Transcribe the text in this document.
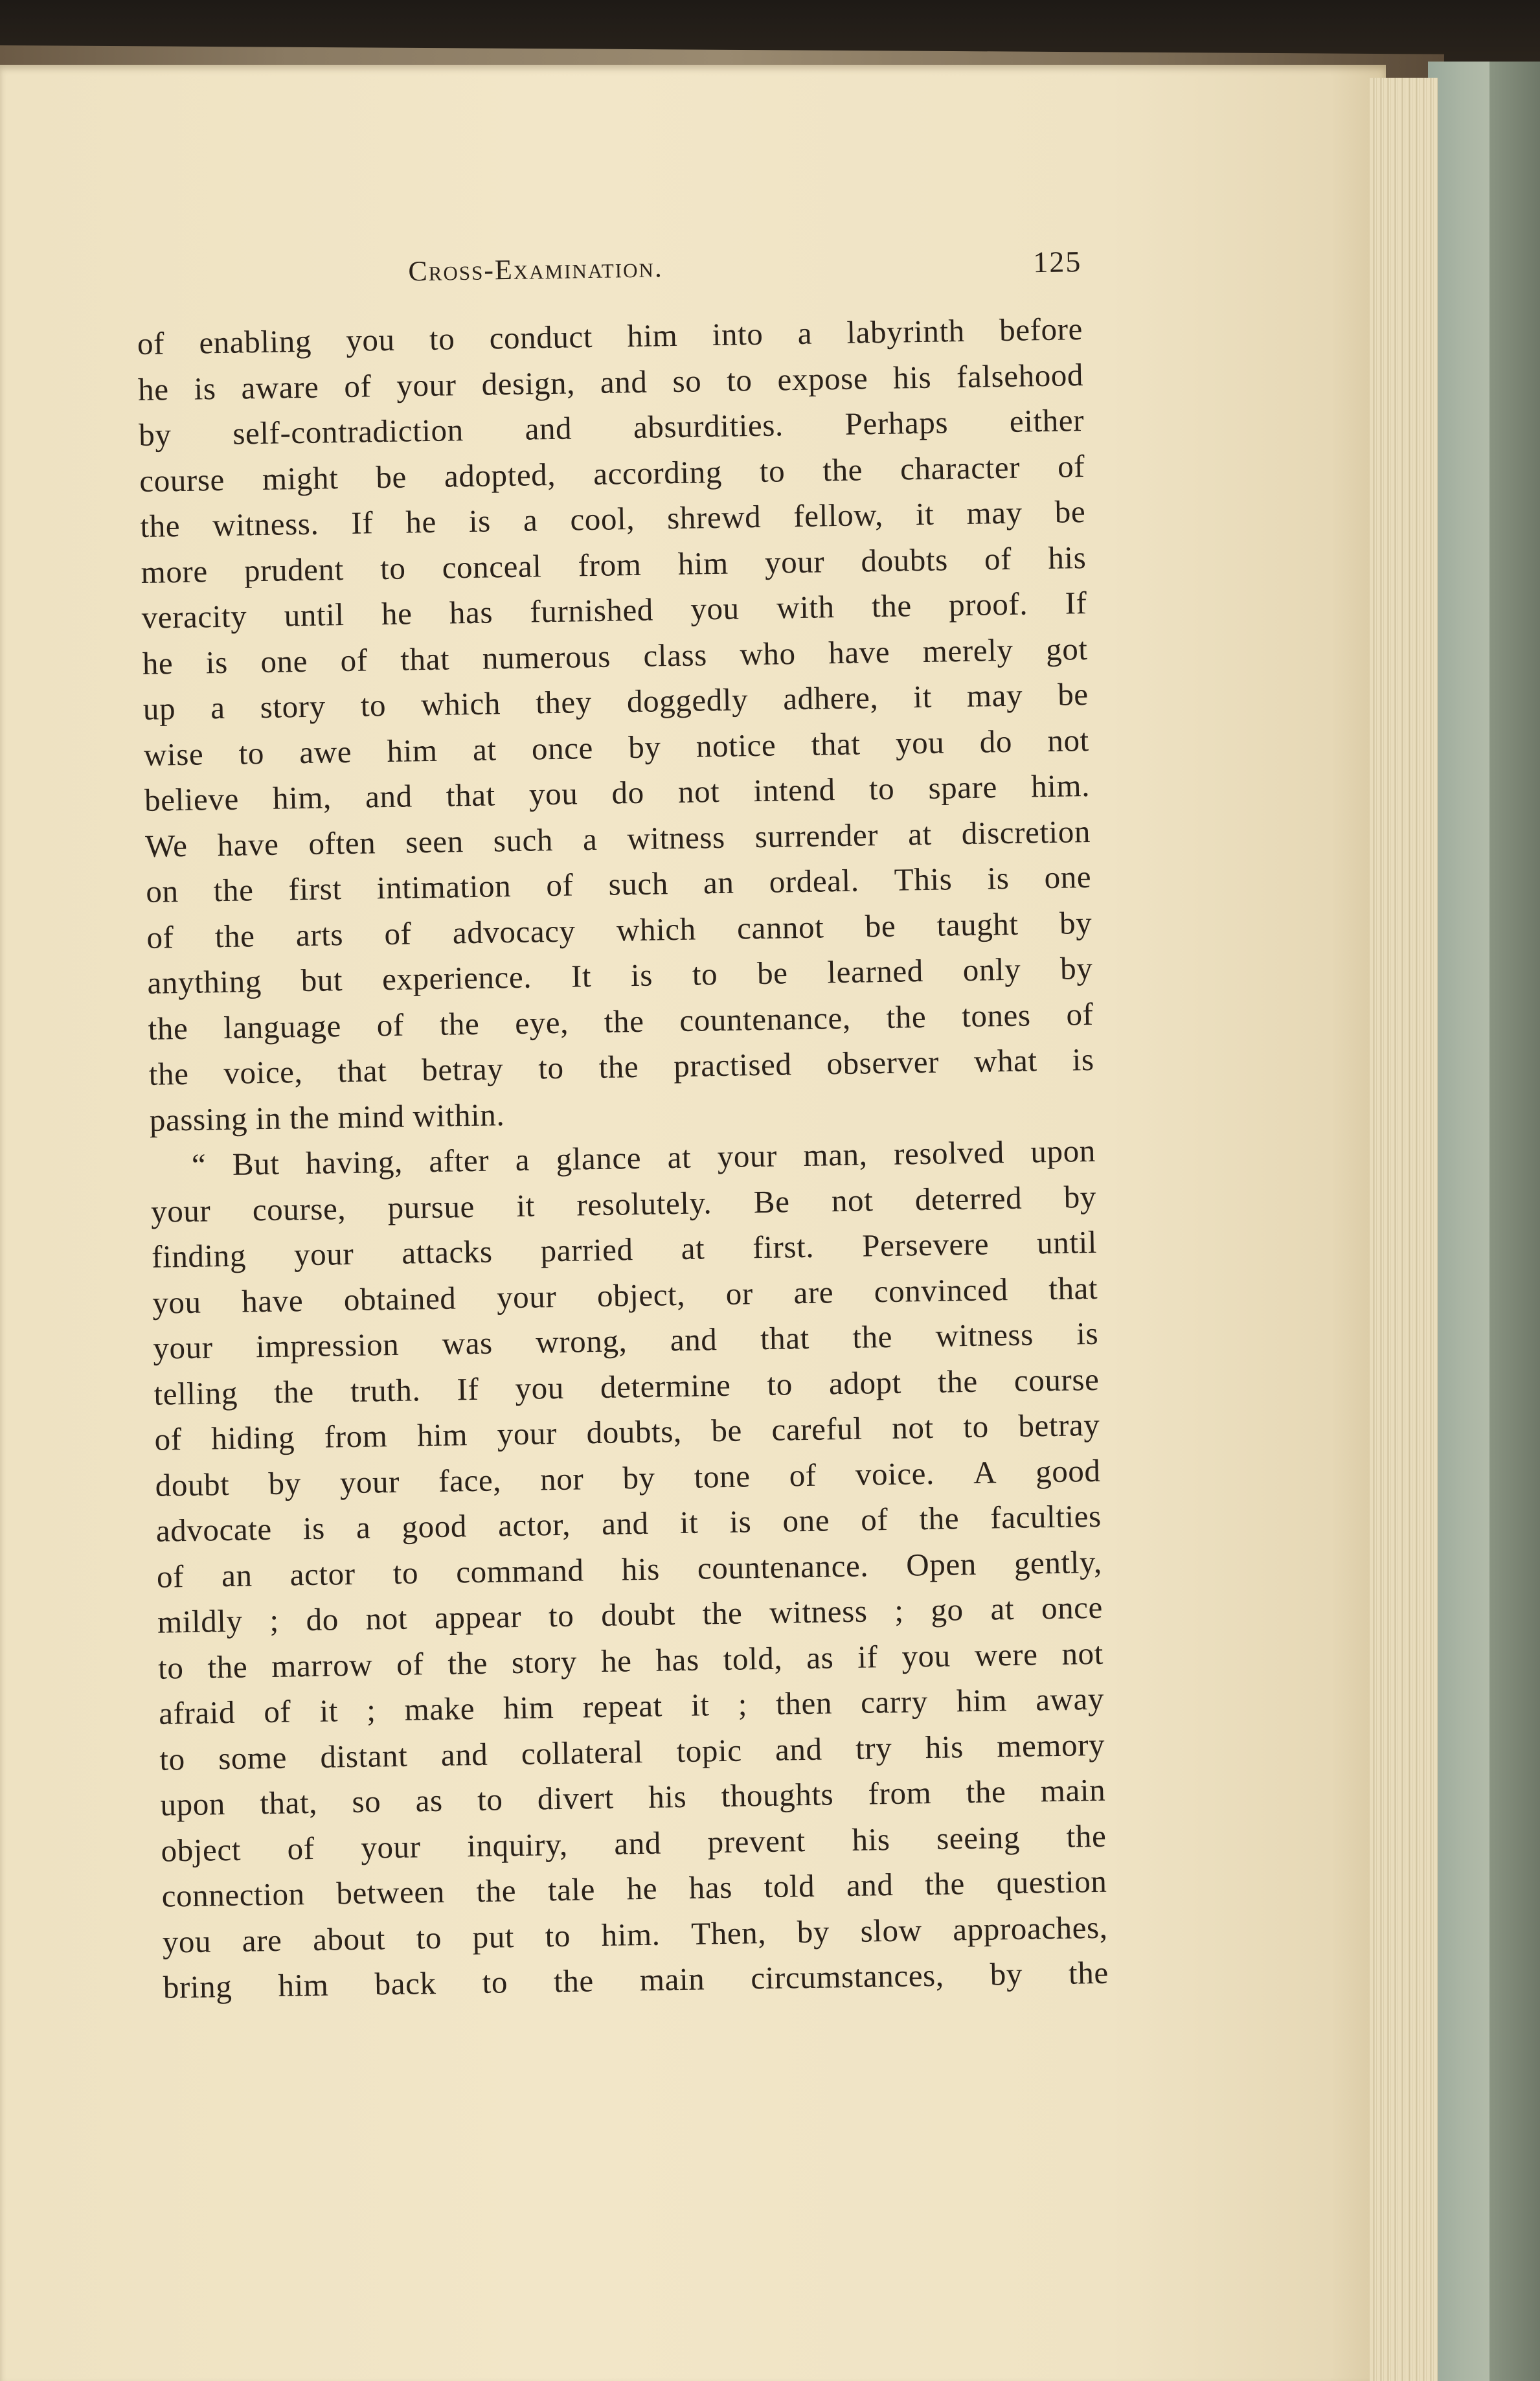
Cross-Examination.	125
of enabling you to conduct him into a labyrinth before
he is aware of your design, and so to expose his falsehood
by self-contradiction and absurdities. Perhaps either
course might be adopted, according to the character of
the witness. If he is a cool, shrewd fellow, it may be
more prudent to conceal from him your doubts of his
veracity until he has furnished you with the proof. If
he is one of that numerous class who have merely got
up a story to which they doggedly adhere, it may be
wise to awe him at once by notice that you do not
believe him, and that you do not intend to spare him.
We have often seen such a witness surrender at discretion
on the first intimation of such an ordeal. This is one
of the arts of advocacy which cannot be taught by
anything but experience. It is to be learned only by
the language of the eye, the countenance, the tones of
the voice, that betray to the practised observer what is
passing in the mind within.
“ But having, after a glance at your man, resolved upon
your course, pursue it resolutely. Be not deterred by
finding your attacks parried at first. Persevere until
you have obtained your object, or are convinced that
your impression was wrong, and that the witness is
telling the truth. If you determine to adopt the course
of hiding from him your doubts, be careful not to betray
doubt by your face, nor by tone of voice. A good
advocate is a good actor, and it is one of the faculties
of an actor to command his countenance. Open gently,
mildly ; do not appear to doubt the witness ; go at once
to the marrow of the story he has told, as if you were not
afraid of it ; make him repeat it ; then carry him away
to some distant and collateral topic and try his memory
upon that, so as to divert his thoughts from the main
object of your inquiry, and prevent his seeing the
connection between the tale he has told and the question
you are about to put to him. Then, by slow approaches,
bring him back to the main circumstances, by the
